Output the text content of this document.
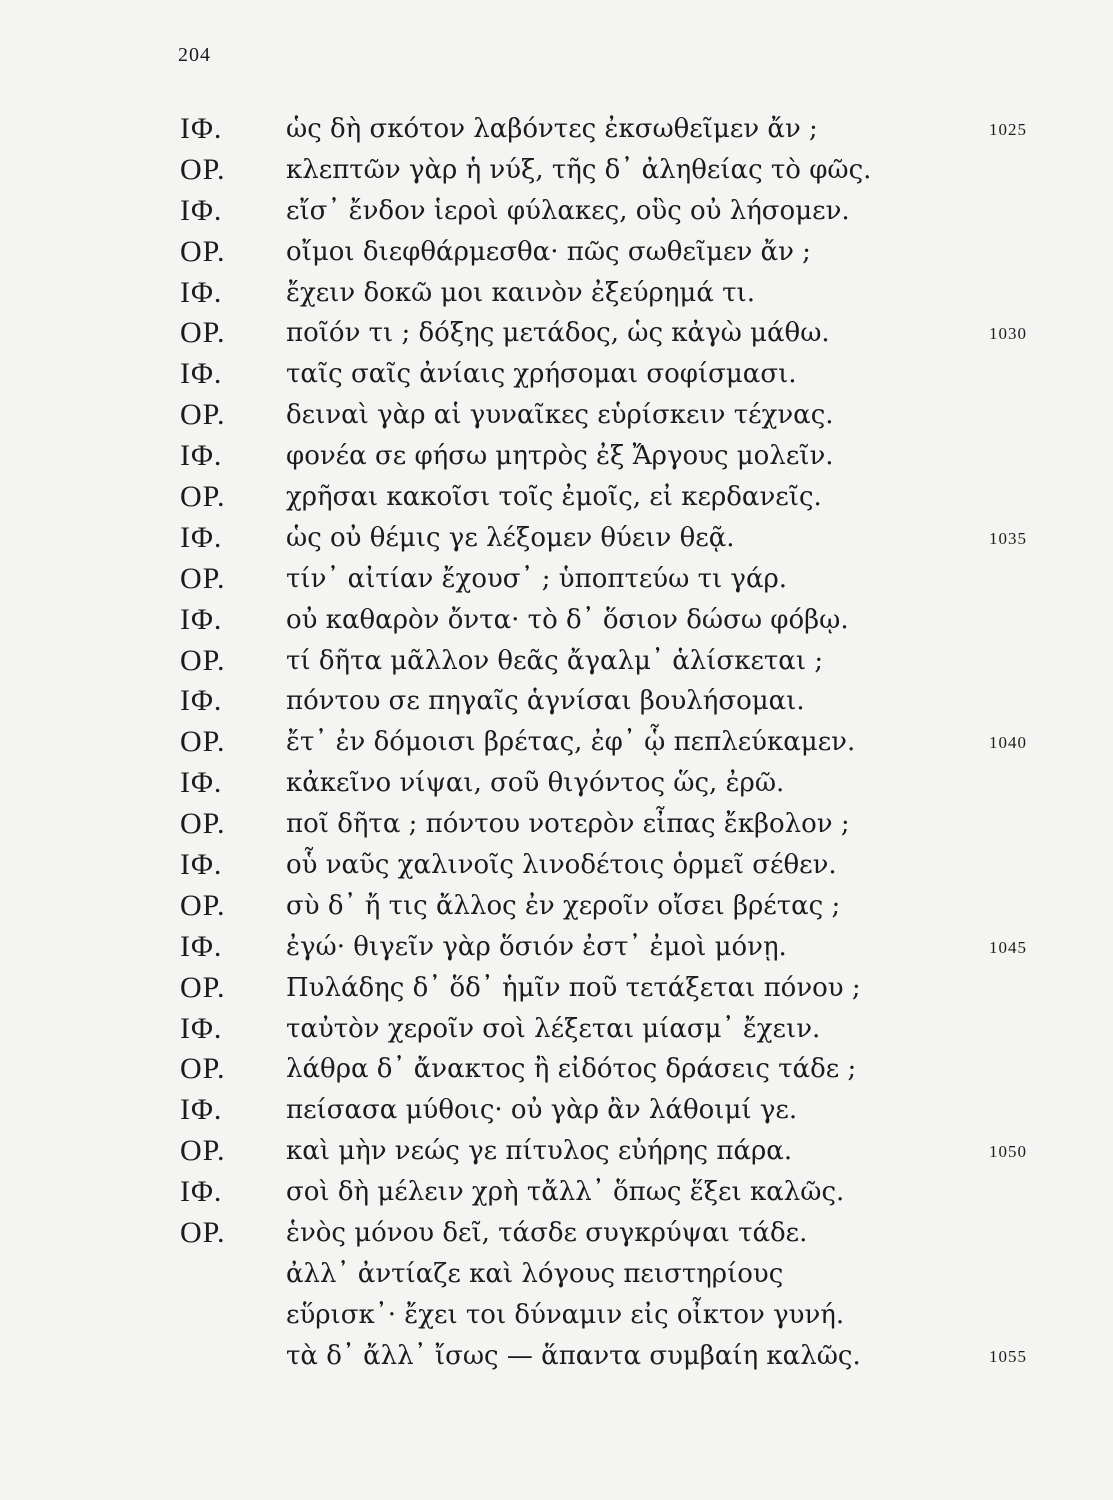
204
ΙΦ. ὡς δὴ σκότον λαβόντες ἐκσωθεῖμεν ἄν ;	1025
ΟΡ. κλεπτῶν γὰρ ἡ νύξ, τῆς δ᾽ ἀληθείας τὸ φῶς.
ΙΦ. εἴσ᾽ ἔνδον ἱεροὶ φύλακες, οὓς οὐ λήσομεν.
ΟΡ. οἴμοι διεφθάρμεσθα· πῶς σωθεῖμεν ἄν ;
ΙΦ. ἔχειν δοκῶ μοι καινὸν ἐξεύρημά τι.
ΟΡ. ποῖόν τι ; δόξης μετάδος, ὡς κἀγὼ μάθω.	1030
ΙΦ. ταῖς σαῖς ἀνίαις χρήσομαι σοφίσμασι.
ΟΡ. δειναὶ γὰρ αἱ γυναῖκες εὑρίσκειν τέχνας.
ΙΦ. φονέα σε φήσω μητρὸς ἐξ Ἄργους μολεῖν.
ΟΡ. χρῆσαι κακοῖσι τοῖς ἐμοῖς, εἰ κερδανεῖς.
ΙΦ. ὡς οὐ θέμις γε λέξομεν θύειν θεᾷ.	1035
ΟΡ. τίν᾽ αἰτίαν ἔχουσ᾽ ; ὑποπτεύω τι γάρ.
ΙΦ. οὐ καθαρὸν ὄντα· τὸ δ᾽ ὅσιον δώσω φόβῳ.
ΟΡ. τί δῆτα μᾶλλον θεᾶς ἄγαλμ᾽ ἁλίσκεται ;
ΙΦ. πόντου σε πηγαῖς ἁγνίσαι βουλήσομαι.
ΟΡ. ἔτ᾽ ἐν δόμοισι βρέτας, ἐφ᾽ ᾧ πεπλεύκαμεν.	1040
ΙΦ. κἀκεῖνο νίψαι, σοῦ θιγόντος ὥς, ἐρῶ.
ΟΡ. ποῖ δῆτα ; πόντου νοτερὸν εἶπας ἔκβολον ;
ΙΦ. οὗ ναῦς χαλινοῖς λινοδέτοις ὁρμεῖ σέθεν.
ΟΡ. σὺ δ᾽ ἤ τις ἄλλος ἐν χεροῖν οἴσει βρέτας ;
ΙΦ. ἐγώ· θιγεῖν γὰρ ὅσιόν ἐστ᾽ ἐμοὶ μόνῃ.	1045
ΟΡ. Πυλάδης δ᾽ ὅδ᾽ ἡμῖν ποῦ τετάξεται πόνου ;
ΙΦ. ταὐτὸν χεροῖν σοὶ λέξεται μίασμ᾽ ἔχειν.
ΟΡ. λάθρα δ᾽ ἄνακτος ἢ εἰδότος δράσεις τάδε ;
ΙΦ. πείσασα μύθοις· οὐ γὰρ ἂν λάθοιμί γε.
ΟΡ. καὶ μὴν νεώς γε πίτυλος εὐήρης πάρα.	1050
ΙΦ. σοὶ δὴ μέλειν χρὴ τἄλλ᾽ ὅπως ἕξει καλῶς.
ΟΡ. ἑνὸς μόνου δεῖ, τάσδε συγκρύψαι τάδε.
ἀλλ᾽ ἀντίαζε καὶ λόγους πειστηρίους
εὕρισκ᾽· ἔχει τοι δύναμιν εἰς οἶκτον γυνή.
τὰ δ᾽ ἄλλ᾽ ἴσως — ἅπαντα συμβαίη καλῶς.	1055
